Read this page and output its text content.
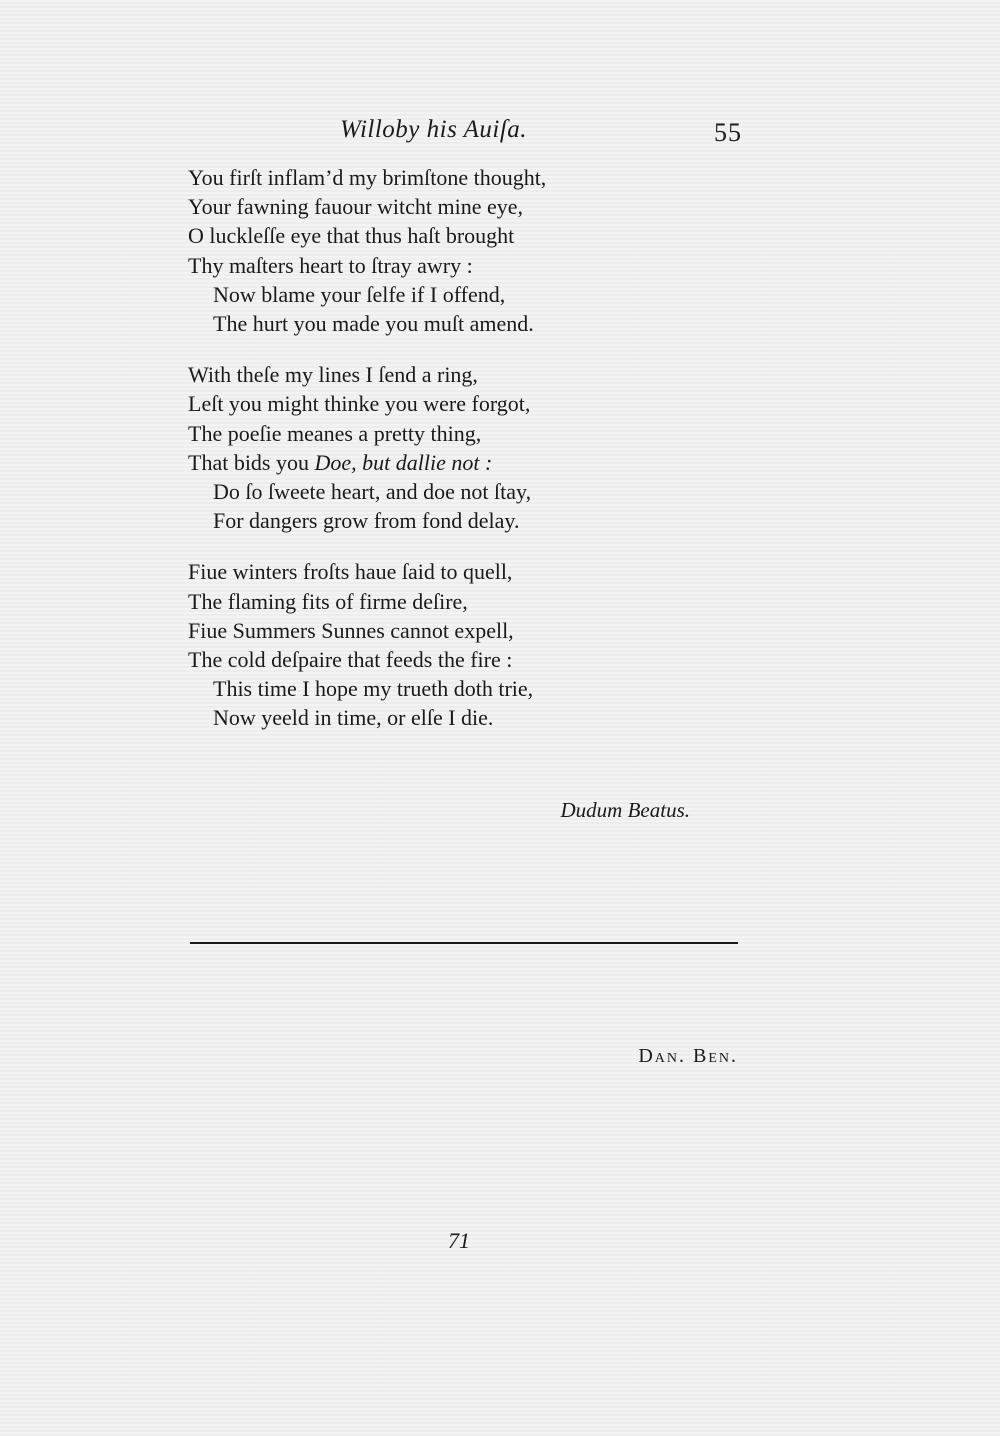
Willoby his Auiſa.	55
You firſt inflam’d my brimſtone thought,
Your fawning fauour witcht mine eye,
O luckleſſe eye that thus haſt brought
Thy maſters heart to ſtray awry :
Now blame your ſelfe if I offend,
The hurt you made you muſt amend.
With theſe my lines I ſend a ring,
Leſt you might thinke you were forgot,
The poeſie meanes a pretty thing,
That bids you Doe, but dallie not :
Do ſo ſweete heart, and doe not ſtay,
For dangers grow from fond delay.
Fiue winters froſts haue ſaid to quell,
The flaming fits of firme deſire,
Fiue Summers Sunnes cannot expell,
The cold deſpaire that feeds the fire :
This time I hope my trueth doth trie,
Now yeeld in time, or elſe I die.
Dudum Beatus.
Dan. Ben.
71
